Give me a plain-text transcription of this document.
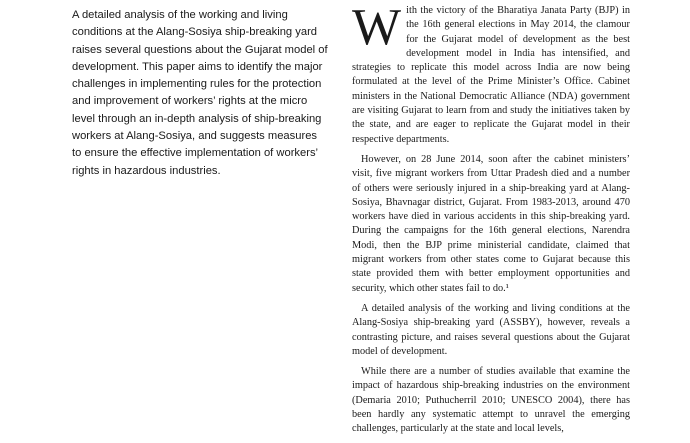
A detailed analysis of the working and living conditions at the Alang-Sosiya ship-breaking yard raises several questions about the Gujarat model of development. This paper aims to identify the major challenges in implementing rules for the protection and improvement of workers’ rights at the micro level through an in-depth analysis of ship-breaking workers at Alang-Sosiya, and suggests measures to ensure the effective implementation of workers’ rights in hazardous industries.

With the victory of the Bharatiya Janata Party (BJP) in the 16th general elections in May 2014, the clamour for the Gujarat model of development as the best development model in India has intensified, and strategies to replicate this model across India are now being formulated at the level of the Prime Minister’s Office. Cabinet ministers in the National Democratic Alliance (NDA) government are visiting Gujarat to learn from and study the initiatives taken by the state, and are eager to replicate the Gujarat model in their respective departments.

However, on 28 June 2014, soon after the cabinet ministers’ visit, five migrant workers from Uttar Pradesh died and a number of others were seriously injured in a ship-breaking yard at Alang-Sosiya, Bhavnagar district, Gujarat. From 1983-2013, around 470 workers have died in various accidents in this ship-breaking yard. During the campaigns for the 16th general elections, Narendra Modi, then the BJP prime ministerial candidate, claimed that migrant workers from other states come to Gujarat because this state provided them with better employment opportunities and security, which other states fail to do.¹

A detailed analysis of the working and living conditions at the Alang-Sosiya ship-breaking yard (ASSBY), however, reveals a contrasting picture, and raises several questions about the Gujarat model of development.

While there are a number of studies available that examine the impact of hazardous ship-breaking industries on the environment (Demaria 2010; Puthucherril 2010; UNESCO 2004), there has been hardly any systematic attempt to unravel the emerging challenges, particularly at the state and local levels,
